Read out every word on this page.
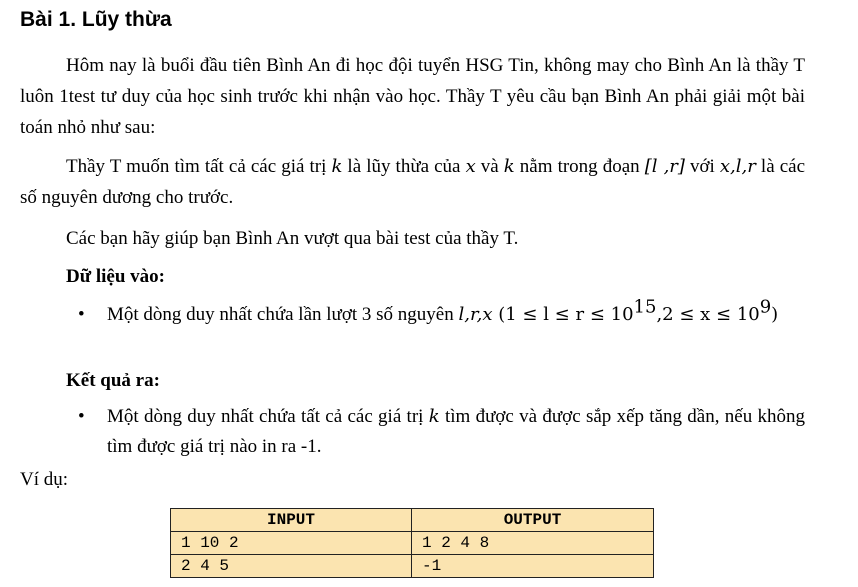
Bài 1. Lũy thừa

Hôm nay là buổi đầu tiên Bình An đi học đội tuyển HSG Tin, không may cho Bình An là thầy T luôn 1test tư duy của học sinh trước khi nhận vào học. Thầy T yêu cầu bạn Bình An phải giải một bài toán nhỏ như sau:

Thầy T muốn tìm tất cả các giá trị k là lũy thừa của x và k nằm trong đoạn [l ,r] với x,l,r là các số nguyên dương cho trước.

Các bạn hãy giúp bạn Bình An vượt qua bài test của thầy T.

Dữ liệu vào:

•	Một dòng duy nhất chứa lần lượt 3 số nguyên l,r,x $(1 \le l \le r \le 10^{15},2 \le x \le 10^9)$

Kết quả ra:

•	Một dòng duy nhất chứa tất cả các giá trị k tìm được và được sắp xếp tăng dần, nếu không tìm được giá trị nào in ra -1.

Ví dụ:

INPUT	OUTPUT
1 10 2	1 2 4 8
2 4 5	-1
